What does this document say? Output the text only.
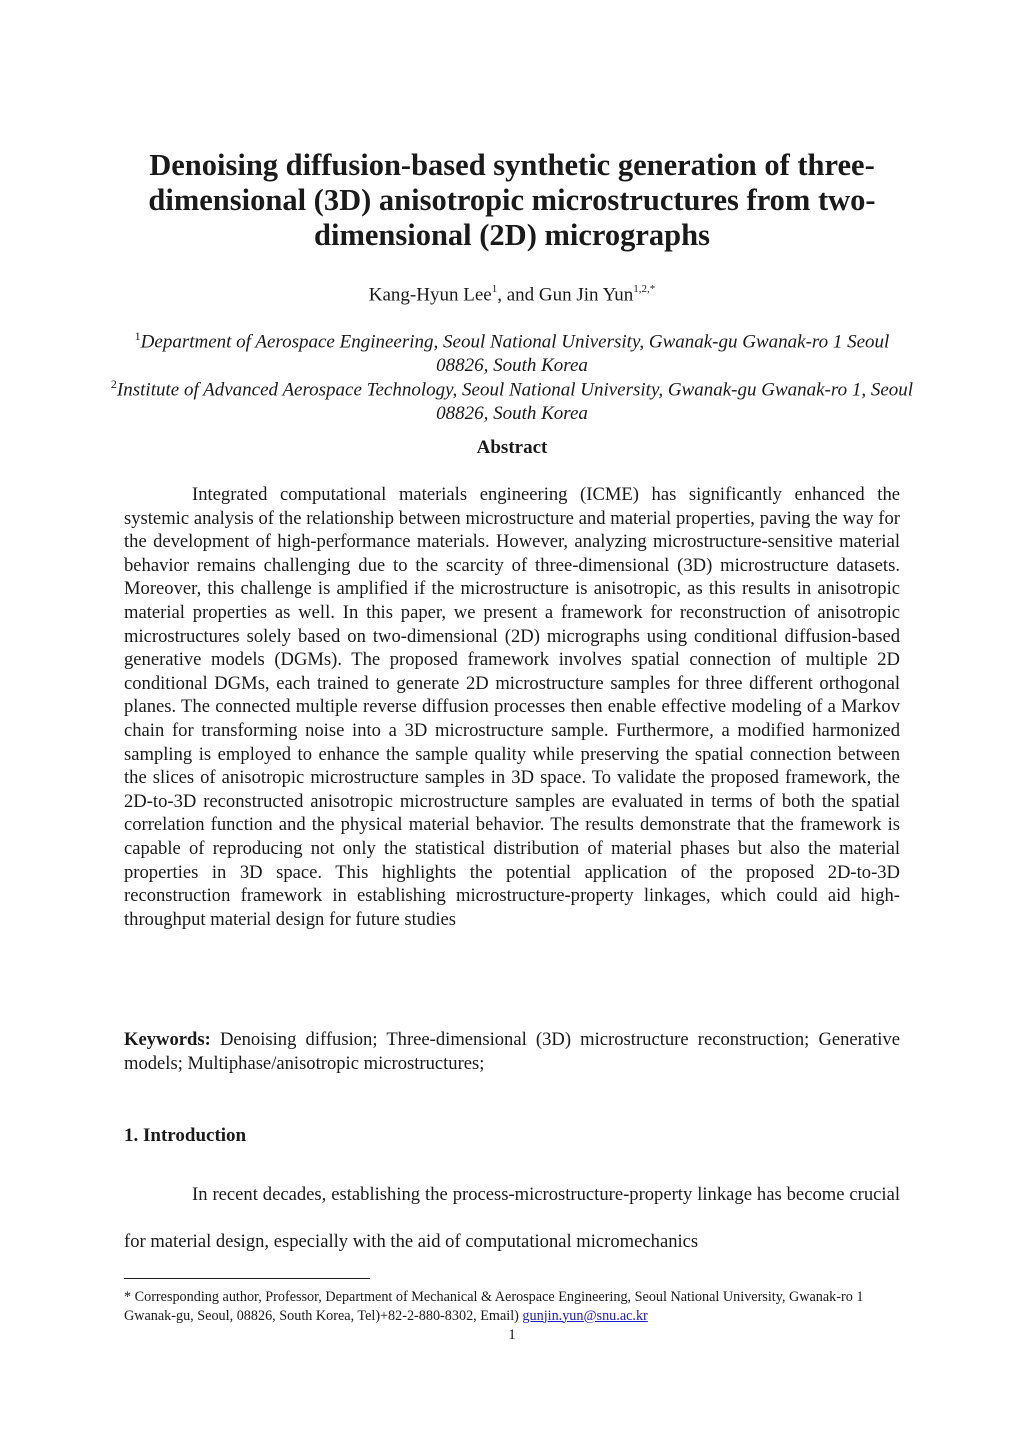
Denoising diffusion-based synthetic generation of three-dimensional (3D) anisotropic microstructures from two-dimensional (2D) micrographs
Kang-Hyun Lee$^1$, and Gun Jin Yun$^{1,2,*}$

$^1$Department of Aerospace Engineering, Seoul National University, Gwanak-gu Gwanak-ro 1 Seoul 08826, South Korea

$^2$Institute of Advanced Aerospace Technology, Seoul National University, Gwanak-gu Gwanak-ro 1, Seoul 08826, South Korea

Abstract

Integrated computational materials engineering (ICME) has significantly enhanced the systemic analysis of the relationship between microstructure and material properties, paving the way for the development of high-performance materials. However, analyzing microstructure-sensitive material behavior remains challenging due to the scarcity of three-dimensional (3D) microstructure datasets. Moreover, this challenge is amplified if the microstructure is anisotropic, as this results in anisotropic material properties as well. In this paper, we present a framework for reconstruction of anisotropic microstructures solely based on two-dimensional (2D) micrographs using conditional diffusion-based generative models (DGMs). The proposed framework involves spatial connection of multiple 2D conditional DGMs, each trained to generate 2D microstructure samples for three different orthogonal planes. The connected multiple reverse diffusion processes then enable effective modeling of a Markov chain for transforming noise into a 3D microstructure sample. Furthermore, a modified harmonized sampling is employed to enhance the sample quality while preserving the spatial connection between the slices of anisotropic microstructure samples in 3D space. To validate the proposed framework, the 2D-to-3D reconstructed anisotropic microstructure samples are evaluated in terms of both the spatial correlation function and the physical material behavior. The results demonstrate that the framework is capable of reproducing not only the statistical distribution of material phases but also the material properties in 3D space. This highlights the potential application of the proposed 2D-to-3D reconstruction framework in establishing microstructure-property linkages, which could aid high-throughput material design for future studies

Keywords: Denoising diffusion; Three-dimensional (3D) microstructure reconstruction; Generative models; Multiphase/anisotropic microstructures;

1. Introduction

In recent decades, establishing the process-microstructure-property linkage has become crucial for material design, especially with the aid of computational micromechanics

* Corresponding author, Professor, Department of Mechanical & Aerospace Engineering, Seoul National University, Gwanak-ro 1 Gwanak-gu, Seoul, 08826, South Korea, Tel)+82-2-880-8302, Email) gunjin.yun@snu.ac.kr

1
